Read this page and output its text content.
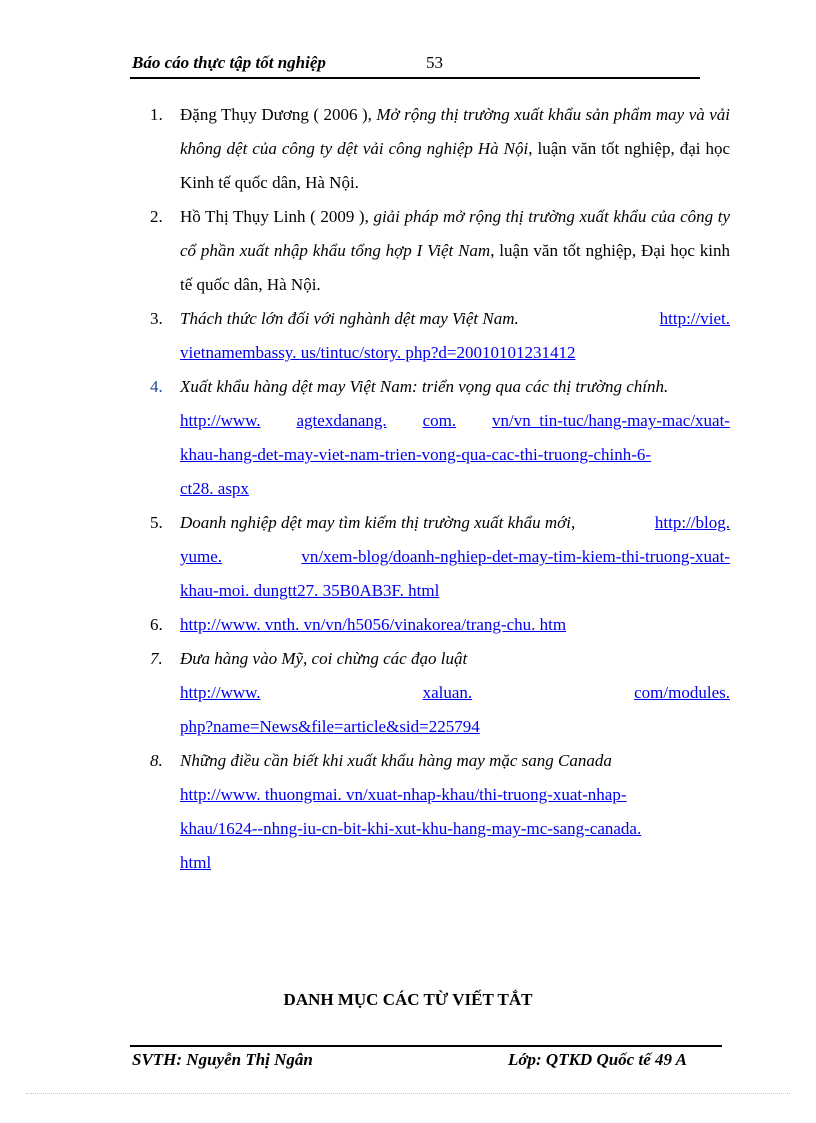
Báo cáo thực tập tốt nghiệp	53
1. Đặng Thụy Dương ( 2006 ), Mở rộng thị trường xuất khẩu sản phẩm may và vải không dệt của công ty dệt vải công nghiệp Hà Nội, luận văn tốt nghiệp, đại học Kinh tế quốc dân, Hà Nội.
2. Hồ Thị Thụy Linh ( 2009 ), giải pháp mở rộng thị trường xuất khẩu của công ty cổ phần xuất nhập khẩu tổng hợp I Việt Nam, luận văn tốt nghiệp, Đại học kinh tế quốc dân, Hà Nội.
3. Thách thức lớn đối với nghành dệt may Việt Nam.	http://viet.
vietnamembassy. us/tintuc/story. php?d=20010101231412
4. Xuất khẩu hàng dệt may Việt Nam: triển vọng qua các thị trường chính.
http://www. agtexdanang. com. vn/vn_tin-tuc/hang-may-mac/xuat-
khau-hang-det-may-viet-nam-trien-vong-qua-cac-thi-truong-chinh-6-
ct28. aspx
5. Doanh nghiệp dệt may tìm kiếm thị trường xuất khẩu mới,	http://blog.
yume.	vn/xem-blog/doanh-nghiep-det-may-tim-kiem-thi-truong-xuat-
khau-moi. dungtt27. 35B0AB3F. html
6. http://www. vnth. vn/vn/h5056/vinakorea/trang-chu. htm
7. Đưa hàng vào Mỹ, coi chừng các đạo luật
http://www.	xaluan.	com/modules.
php?name=News&file=article&sid=225794
8. Những điều cần biết khi xuất khẩu hàng may mặc sang Canada
http://www. thuongmai. vn/xuat-nhap-khau/thi-truong-xuat-nhap-
khau/1624--nhng-iu-cn-bit-khi-xut-khu-hang-may-mc-sang-canada.
html
DANH MỤC CÁC TỪ VIẾT TẮT
SVTH: Nguyễn Thị Ngân	Lớp: QTKD Quốc tế 49 A
